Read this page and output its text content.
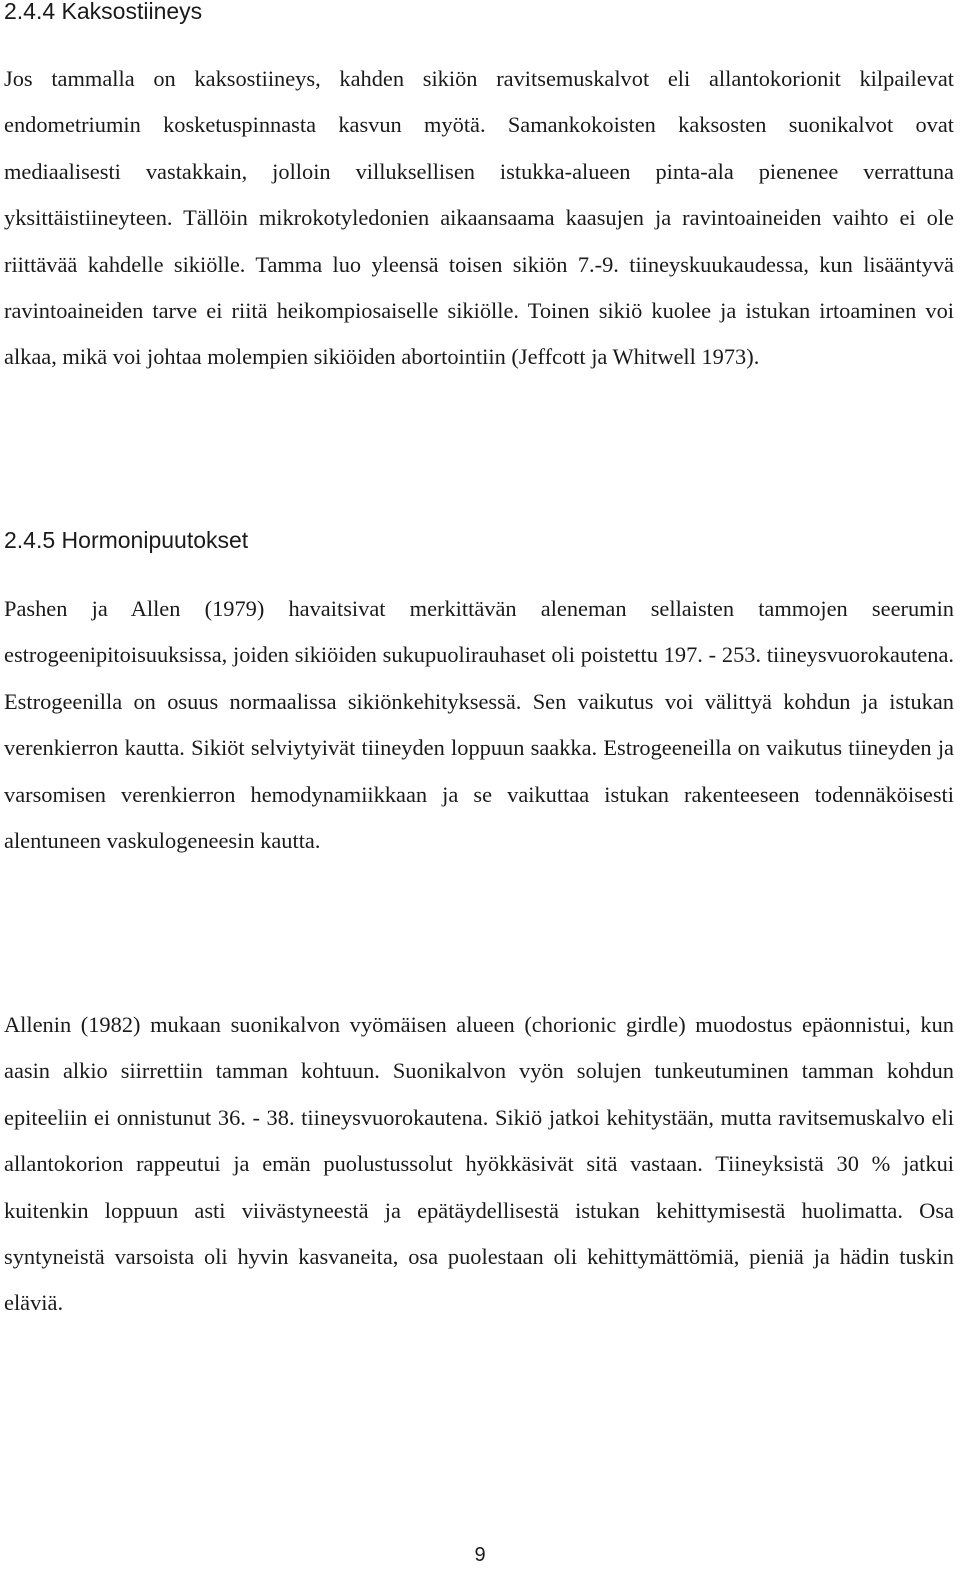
2.4.4 Kaksostiineys

Jos tammalla on kaksostiineys, kahden sikiön ravitsemuskalvot eli allantokorionit kilpailevat endometriumin kosketuspinnasta kasvun myötä. Samankokoisten kaksosten suonikalvot ovat mediaalisesti vastakkain, jolloin villuksellisen istukka-alueen pinta-ala pienenee verrattuna yksittäistiineyteen. Tällöin mikrokotyledonien aikaansaama kaasujen ja ravintoaineiden vaihto ei ole riittävää kahdelle sikiölle. Tamma luo yleensä toisen sikiön 7.-9. tiineyskuukaudessa, kun lisääntyvä ravintoaineiden tarve ei riitä heikompiosaiselle sikiölle. Toinen sikiö kuolee ja istukan irtoaminen voi alkaa, mikä voi johtaa molempien sikiöiden abortointiin (Jeffcott ja Whitwell 1973).

2.4.5 Hormonipuutokset

Pashen ja Allen (1979) havaitsivat merkittävän aleneman sellaisten tammojen seerumin estrogeenipitoisuuksissa, joiden sikiöiden sukupuolirauhaset oli poistettu 197. - 253. tiineysvuorokautena. Estrogeenilla on osuus normaalissa sikiönkehityksessä. Sen vaikutus voi välittyä kohdun ja istukan verenkierron kautta. Sikiöt selviytyivät tiineyden loppuun saakka. Estrogeeneilla on vaikutus tiineyden ja varsomisen verenkierron hemodynamiikkaan ja se vaikuttaa istukan rakenteeseen todennäköisesti alentuneen vaskulogeneesin kautta.

Allenin (1982) mukaan suonikalvon vyömäisen alueen (chorionic girdle) muodostus epäonnistui, kun aasin alkio siirrettiin tamman kohtuun. Suonikalvon vyön solujen tunkeutuminen tamman kohdun epiteeliin ei onnistunut 36. - 38. tiineysvuorokautena. Sikiö jatkoi kehitystään, mutta ravitsemuskalvo eli allantokorion rappeutui ja emän puolustussolut hyökkäsivät sitä vastaan. Tiineyksistä 30 % jatkui kuitenkin loppuun asti viivästyneestä ja epätäydellisestä istukan kehittymisestä huolimatta. Osa syntyneistä varsoista oli hyvin kasvaneita, osa puolestaan oli kehittymättömiä, pieniä ja hädin tuskin eläviä.

9
